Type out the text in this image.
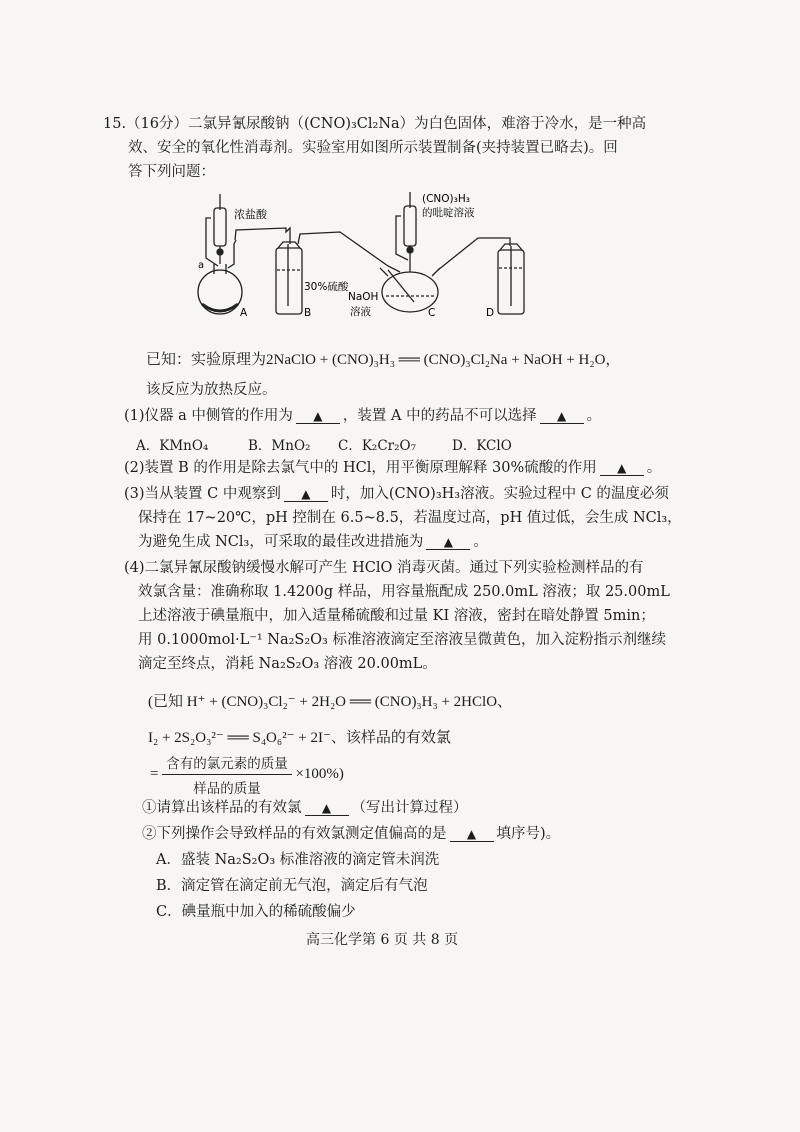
15.（16分）二氯异氰尿酸钠（(CNO)₃Cl₂Na）为白色固体，难溶于冷水，是一种高
效、安全的氧化性消毒剂。实验室用如图所示装置制备(夹持装置已略去)。回
答下列问题：
浓盐酸
a
30%硫酸
NaOH
溶液
(CNO)₃H₃
的吡啶溶液
A	B	C	D
已知：实验原理为2NaClO + (CNO)₃H₃ ══ (CNO)₃Cl₂Na + NaOH + H₂O，
该反应为放热反应。
(1)仪器 a 中侧管的作用为 ▲ ，装置 A 中的药品不可以选择 ▲ 。
A．KMnO₄	B．MnO₂ C．K₂Cr₂O₇	D．KClO
(2)装置 B 的作用是除去氯气中的 HCl，用平衡原理解释 30%硫酸的作用 ▲ 。
(3)当从装置 C 中观察到 ▲ 时，加入(CNO)₃H₃溶液。实验过程中 C 的温度必须
保持在 17~20℃，pH 控制在 6.5~8.5，若温度过高，pH 值过低，会生成 NCl₃，
为避免生成 NCl₃，可采取的最佳改进措施为 ▲ 。
(4)二氯异氰尿酸钠缓慢水解可产生 HClO 消毒灭菌。通过下列实验检测样品的有
效氯含量：准确称取 1.4200g 样品，用容量瓶配成 250.0mL 溶液；取 25.00mL
上述溶液于碘量瓶中，加入适量稀硫酸和过量 KI 溶液，密封在暗处静置 5min；
用 0.1000mol·L⁻¹ Na₂S₂O₃ 标准溶液滴定至溶液呈微黄色，加入淀粉指示剂继续
滴定至终点，消耗 Na₂S₂O₃ 溶液 20.00mL。
(已知 H⁺ + (CNO)₃Cl₂⁻ + 2H₂O ══ (CNO)₃H₃ + 2HClO、
I₂ + 2S₂O₃²⁻ ══ S₄O₆²⁻ + 2I⁻、该样品的有效氯
= $\frac{\text{含有的氯元素的质量}}{\text{样品的质量}} \times 100\%$)
①请算出该样品的有效氯 ▲ （写出计算过程）
②下列操作会导致样品的有效氯测定值偏高的是 ▲ 填序号)。
A．盛装 Na₂S₂O₃ 标准溶液的滴定管未润洗
B．滴定管在滴定前无气泡，滴定后有气泡
C．碘量瓶中加入的稀硫酸偏少
高三化学第 6 页 共 8 页
